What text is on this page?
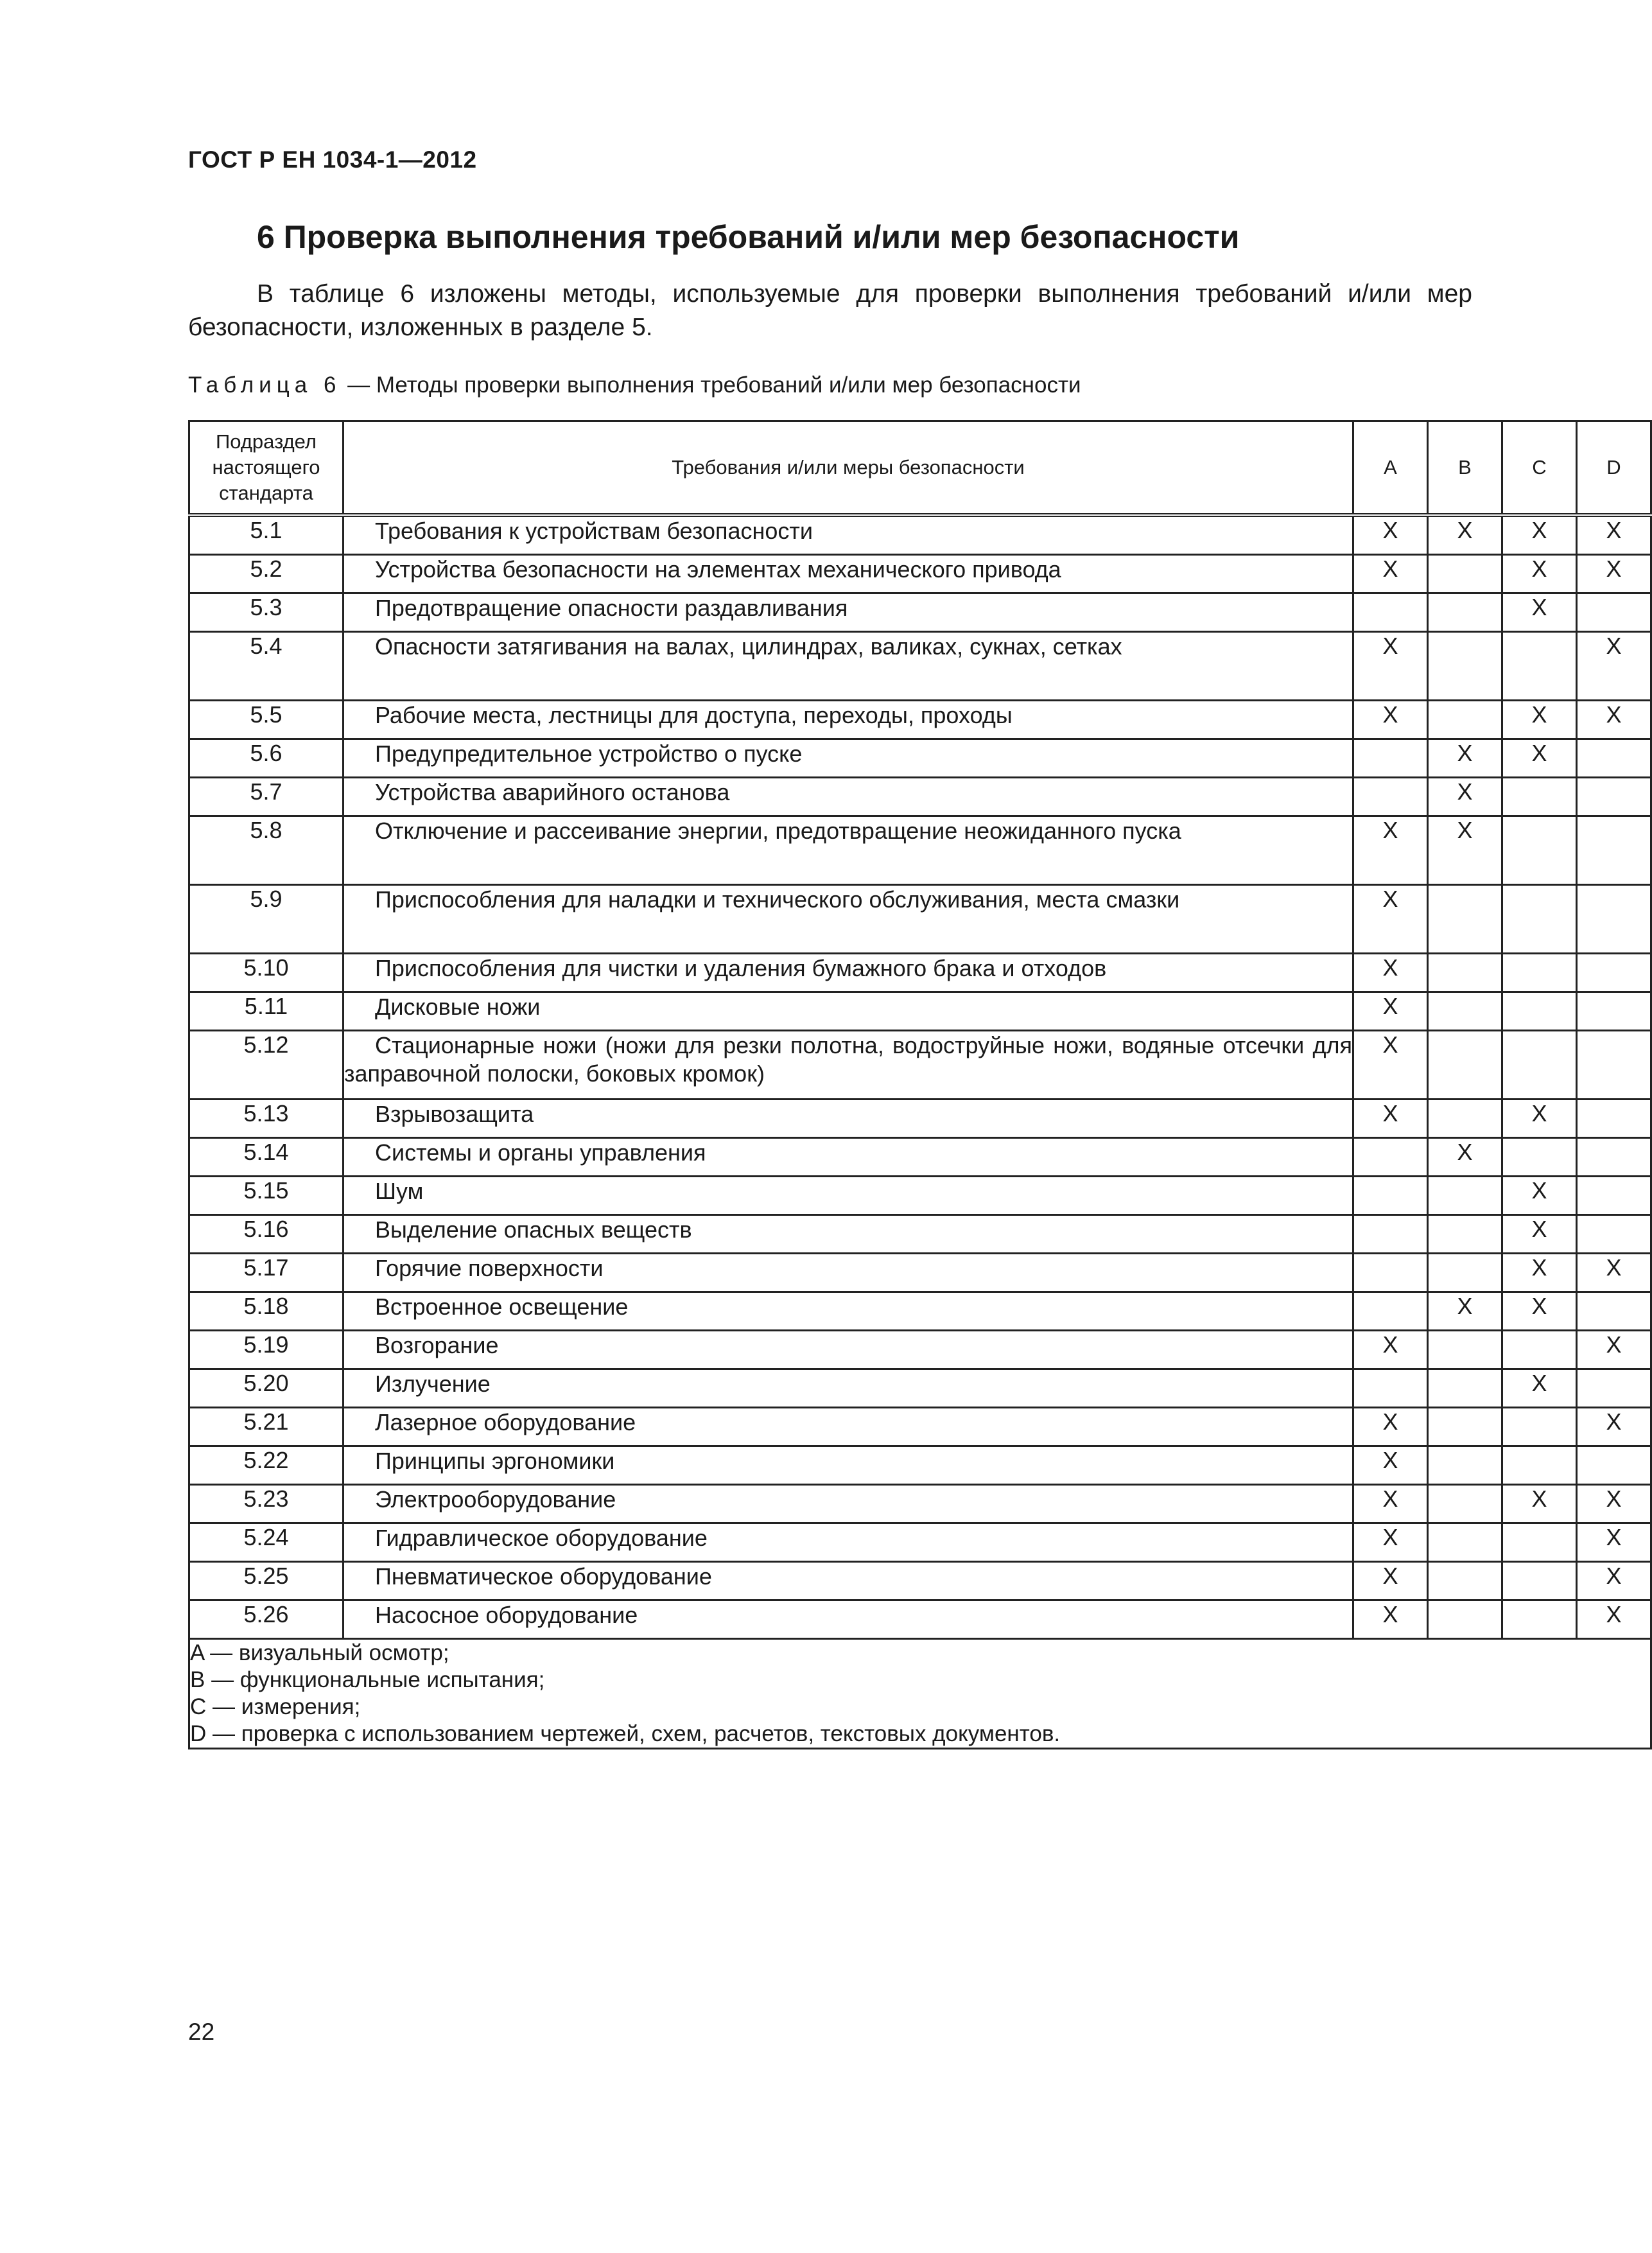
ГОСТ Р ЕН 1034-1—2012
6 Проверка выполнения требований и/или мер безопасности

В таблице 6 изложены методы, используемые для проверки выполнения требований и/или мер безопасности, изложенных в разделе 5.

Таблица 6 — Методы проверки выполнения требований и/или мер безопасности
Подраздел настоящего стандарта	Требования и/или меры безопасности	A	B	C	D
5.1	Требования к устройствам безопасности	X	X	X	X
5.2	Устройства безопасности на элементах механического привода	X		X	X
5.3	Предотвращение опасности раздавливания			X	
5.4	Опасности затягивания на валах, цилиндрах, валиках, сукнах, сетках	X			X
5.5	Рабочие места, лестницы для доступа, переходы, проходы	X		X	X
5.6	Предупредительное устройство о пуске		X	X	
5.7	Устройства аварийного останова		X		
5.8	Отключение и рассеивание энергии, предотвращение неожиданного пуска	X	X		
5.9	Приспособления для наладки и технического обслуживания, места смазки	X			
5.10	Приспособления для чистки и удаления бумажного брака и отходов	X			
5.11	Дисковые ножи	X			
5.12	Стационарные ножи (ножи для резки полотна, водоструйные ножи, водяные отсечки для заправочной полоски, боковых кромок)	X			
5.13	Взрывозащита	X		X	
5.14	Системы и органы управления		X		
5.15	Шум			X	
5.16	Выделение опасных веществ			X	
5.17	Горячие поверхности			X	X
5.18	Встроенное освещение		X	X	
5.19	Возгорание	X			X
5.20	Излучение			X	
5.21	Лазерное оборудование	X			X
5.22	Принципы эргономики	X			
5.23	Электрооборудование	X		X	X
5.24	Гидравлическое оборудование	X			X
5.25	Пневматическое оборудование	X			X
5.26	Насосное оборудование	X			X

A — визуальный осмотр;
B — функциональные испытания;
C — измерения;
D — проверка с использованием чертежей, схем, расчетов, текстовых документов.					
22
